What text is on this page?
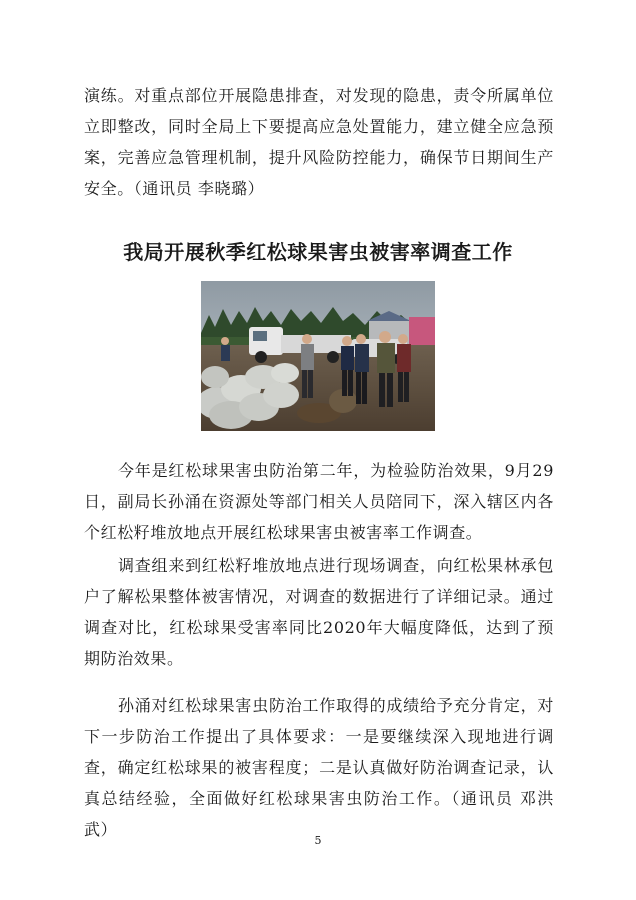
演练。对重点部位开展隐患排查，对发现的隐患，责令所属单位立即整改，同时全局上下要提高应急处置能力，建立健全应急预案，完善应急管理机制，提升风险防控能力，确保节日期间生产安全。（通讯员 李晓璐）

我局开展秋季红松球果害虫被害率调查工作

今年是红松球果害虫防治第二年，为检验防治效果，9月29日，副局长孙涌在资源处等部门相关人员陪同下，深入辖区内各个红松籽堆放地点开展红松球果害虫被害率工作调查。

调查组来到红松籽堆放地点进行现场调查，向红松果林承包户了解松果整体被害情况，对调查的数据进行了详细记录。通过调查对比，红松球果受害率同比2020年大幅度降低，达到了预期防治效果。

孙涌对红松球果害虫防治工作取得的成绩给予充分肯定，对下一步防治工作提出了具体要求：一是要继续深入现地进行调查，确定红松球果的被害程度；二是认真做好防治调查记录，认真总结经验，全面做好红松球果害虫防治工作。（通讯员 邓洪武）

5
